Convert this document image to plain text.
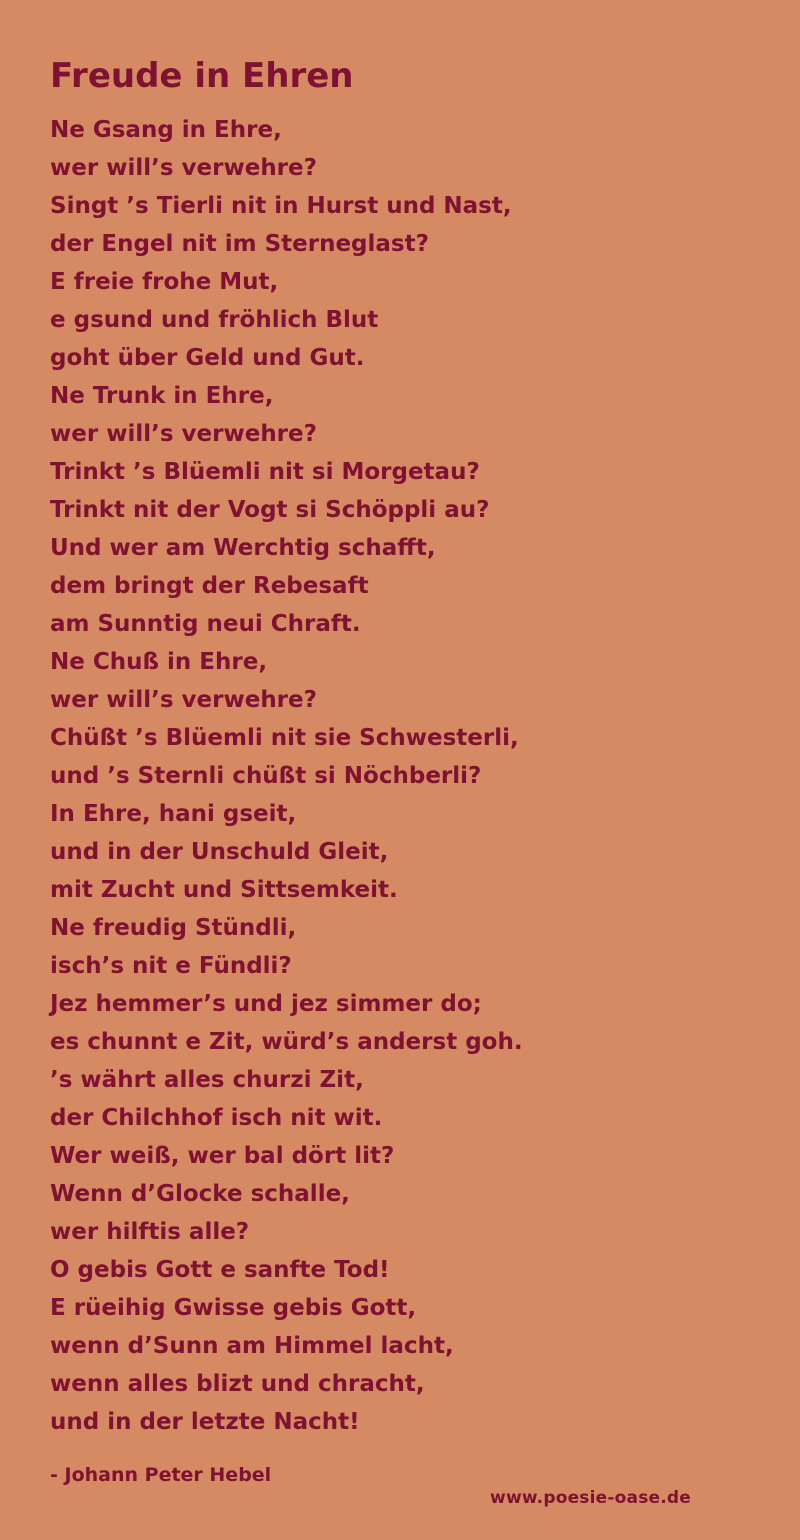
Freude in Ehren
Ne Gsang in Ehre,
wer will’s verwehre?
Singt ’s Tierli nit in Hurst und Nast,
der Engel nit im Sterneglast?
E freie frohe Mut,
e gsund und fröhlich Blut
goht über Geld und Gut.
Ne Trunk in Ehre,
wer will’s verwehre?
Trinkt ’s Blüemli nit si Morgetau?
Trinkt nit der Vogt si Schöppli au?
Und wer am Werchtig schafft,
dem bringt der Rebesaft
am Sunntig neui Chraft.
Ne Chuß in Ehre,
wer will’s verwehre?
Chüßt ’s Blüemli nit sie Schwesterli,
und ’s Sternli chüßt si Nöchberli?
In Ehre, hani gseit,
und in der Unschuld Gleit,
mit Zucht und Sittsemkeit.
Ne freudig Stündli,
isch’s nit e Fündli?
Jez hemmer’s und jez simmer do;
es chunnt e Zit, würd’s anderst goh.
’s währt alles churzi Zit,
der Chilchhof isch nit wit.
Wer weiß, wer bal dört lit?
Wenn d’Glocke schalle,
wer hilftis alle?
O gebis Gott e sanfte Tod!
E rüeihig Gwisse gebis Gott,
wenn d’Sunn am Himmel lacht,
wenn alles blizt und chracht,
und in der letzte Nacht!
- Johann Peter Hebel
www.poesie-oase.de
